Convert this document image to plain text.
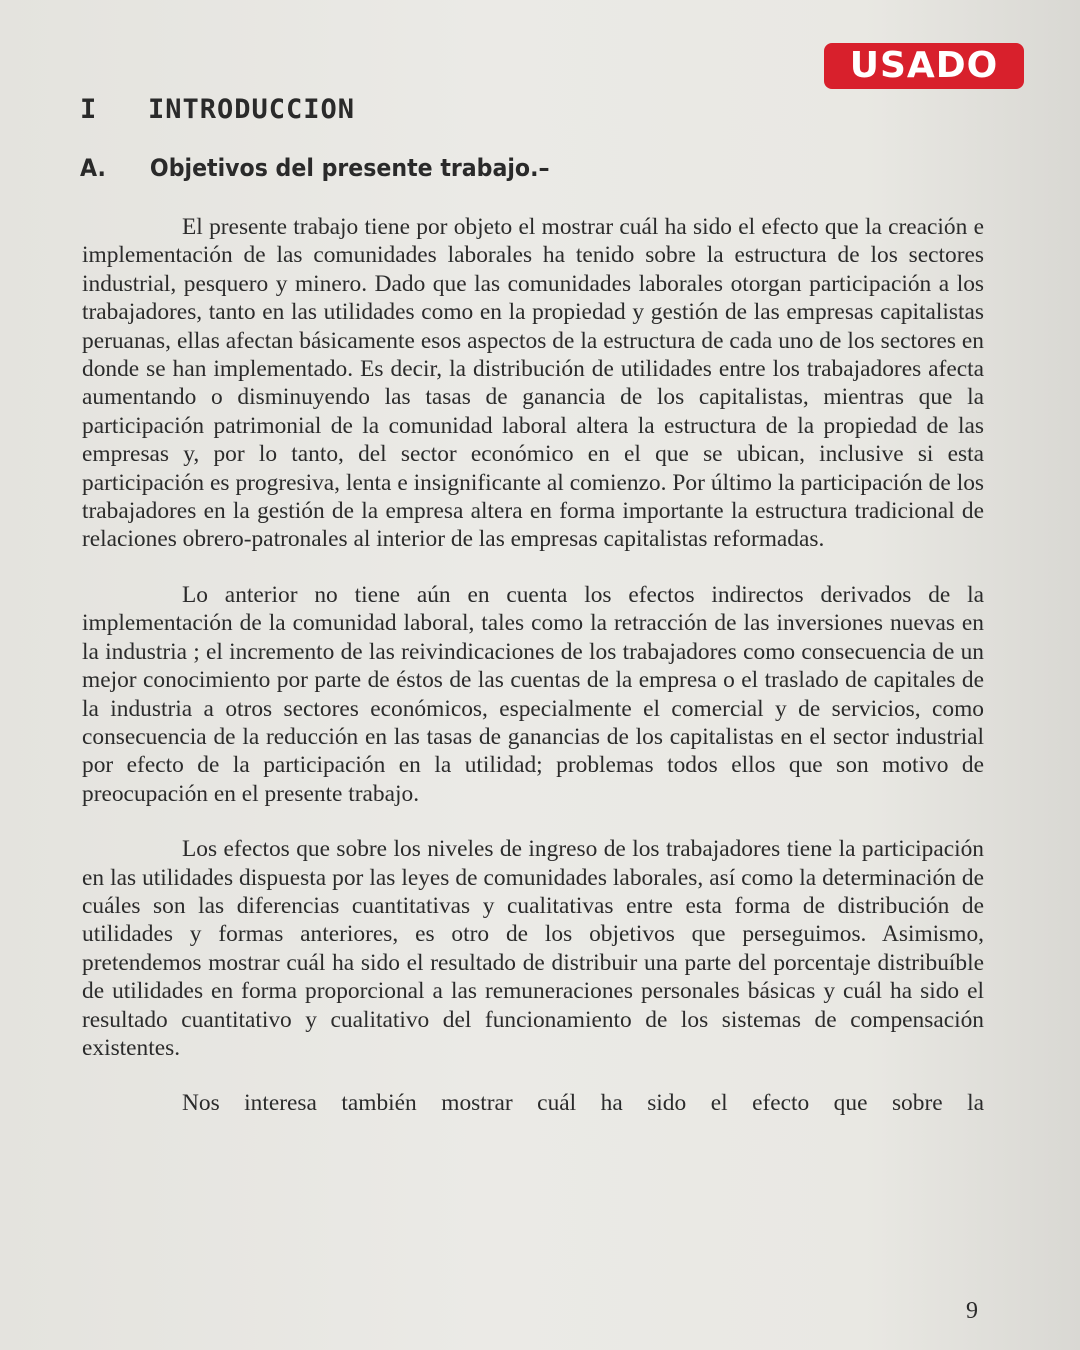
USADO
I INTRODUCCION
A. Objetivos del presente trabajo.–

El presente trabajo tiene por objeto el mostrar cuál ha sido el efecto que la creación e implementación de las comunidades laborales ha tenido sobre la estructura de los sectores industrial, pesquero y minero. Dado que las comunidades laborales otorgan participación a los trabajadores, tanto en las utilidades como en la propiedad y gestión de las empresas capitalistas peruanas, ellas afectan básicamente esos aspectos de la estructura de cada uno de los sectores en donde se han implementado. Es decir, la distribución de utilidades entre los trabajadores afecta aumentando o disminuyendo las tasas de ganancia de los capitalistas, mientras que la participación patrimonial de la comunidad laboral altera la estructura de la propiedad de las empresas y, por lo tanto, del sector económico en el que se ubican, inclusive si esta participación es progresiva, lenta e insignificante al comienzo. Por último la participación de los trabajadores en la gestión de la empresa altera en forma importante la estructura tradicional de relaciones obrero-patronales al interior de las empresas capitalistas reformadas.

Lo anterior no tiene aún en cuenta los efectos indirectos derivados de la implementación de la comunidad laboral, tales como la retracción de las inversiones nuevas en la industria ; el incremento de las reivindicaciones de los trabajadores como consecuencia de un mejor conocimiento por parte de éstos de las cuentas de la empresa o el traslado de capitales de la industria a otros sectores económicos, especialmente el comercial y de servicios, como consecuencia de la reducción en las tasas de ganancias de los capitalistas en el sector industrial por efecto de la participación en la utilidad; problemas todos ellos que son motivo de preocupación en el presente trabajo.

Los efectos que sobre los niveles de ingreso de los trabajadores tiene la participación en las utilidades dispuesta por las leyes de comunidades laborales, así como la determinación de cuáles son las diferencias cuantitativas y cualitativas entre esta forma de distribución de utilidades y formas anteriores, es otro de los objetivos que perseguimos. Asimismo, pretendemos mostrar cuál ha sido el resultado de distribuir una parte del porcentaje distribuíble de utilidades en forma proporcional a las remuneraciones personales básicas y cuál ha sido el resultado cuantitativo y cualitativo del funcionamiento de los sistemas de compensación existentes.

Nos interesa también mostrar cuál ha sido el efecto que sobre la

9
